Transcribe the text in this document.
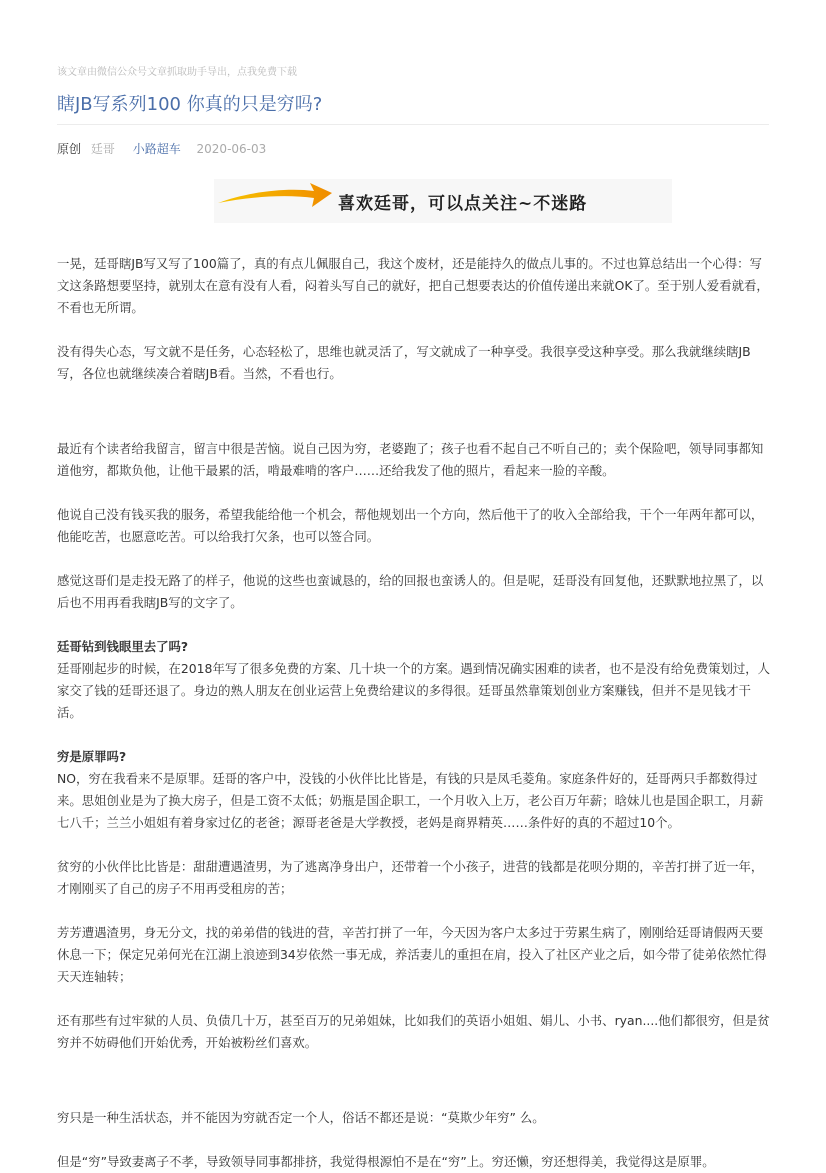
该文章由微信公众号文章抓取助手导出，点我免费下载

瞎JB写系列100 你真的只是穷吗?
原创 廷哥 小路超车 2020-06-03
喜欢廷哥，可以点关注~不迷路

一晃，廷哥瞎JB写又写了100篇了，真的有点儿佩服自己，我这个废材，还是能持久的做点儿事的。不过也算总结出一个心得：写文这条路想要坚持，就别太在意有没有人看，闷着头写自己的就好，把自己想要表达的价值传递出来就OK了。至于别人爱看就看，不看也无所谓。

没有得失心态，写文就不是任务，心态轻松了，思维也就灵活了，写文就成了一种享受。我很享受这种享受。那么我就继续瞎JB写，各位也就继续凑合着瞎JB看。当然，不看也行。

最近有个读者给我留言，留言中很是苦恼。说自己因为穷，老婆跑了；孩子也看不起自己不听自己的；卖个保险吧，领导同事都知道他穷，都欺负他，让他干最累的活，啃最难啃的客户……还给我发了他的照片，看起来一脸的辛酸。

他说自己没有钱买我的服务，希望我能给他一个机会，帮他规划出一个方向，然后他干了的收入全部给我，干个一年两年都可以，他能吃苦，也愿意吃苦。可以给我打欠条，也可以签合同。

感觉这哥们是走投无路了的样子，他说的这些也蛮诚恳的，给的回报也蛮诱人的。但是呢，廷哥没有回复他，还默默地拉黑了，以后也不用再看我瞎JB写的文字了。

廷哥钻到钱眼里去了吗?

廷哥刚起步的时候，在2018年写了很多免费的方案、几十块一个的方案。遇到情况确实困难的读者，也不是没有给免费策划过，人家交了钱的廷哥还退了。身边的熟人朋友在创业运营上免费给建议的多得很。廷哥虽然靠策划创业方案赚钱，但并不是见钱才干活。

穷是原罪吗?

NO，穷在我看来不是原罪。廷哥的客户中，没钱的小伙伴比比皆是，有钱的只是凤毛菱角。家庭条件好的，廷哥两只手都数得过来。思姐创业是为了换大房子，但是工资不太低；奶瓶是国企职工，一个月收入上万，老公百万年薪；晗妹儿也是国企职工，月薪七八千；兰兰小姐姐有着身家过亿的老爸；源哥老爸是大学教授，老妈是商界精英……条件好的真的不超过10个。

贫穷的小伙伴比比皆是：甜甜遭遇渣男，为了逃离净身出户，还带着一个小孩子，进营的钱都是花呗分期的，辛苦打拼了近一年，才刚刚买了自己的房子不用再受租房的苦；

芳芳遭遇渣男，身无分文，找的弟弟借的钱进的营，辛苦打拼了一年，今天因为客户太多过于劳累生病了，刚刚给廷哥请假两天要休息一下；保定兄弟何光在江湖上浪迹到34岁依然一事无成，养活妻儿的重担在肩，投入了社区产业之后，如今带了徒弟依然忙得天天连轴转；

还有那些有过牢狱的人员、负债几十万，甚至百万的兄弟姐妹，比如我们的英语小姐姐、娟儿、小书、ryan....他们都很穷，但是贫穷并不妨碍他们开始优秀，开始被粉丝们喜欢。

穷只是一种生活状态，并不能因为穷就否定一个人，俗话不都还是说：“莫欺少年穷” 么。

但是“穷”导致妻离子不孝，导致领导同事都排挤，我觉得根源怕不是在“穷”上。穷还懒，穷还想得美，我觉得这是原罪。
